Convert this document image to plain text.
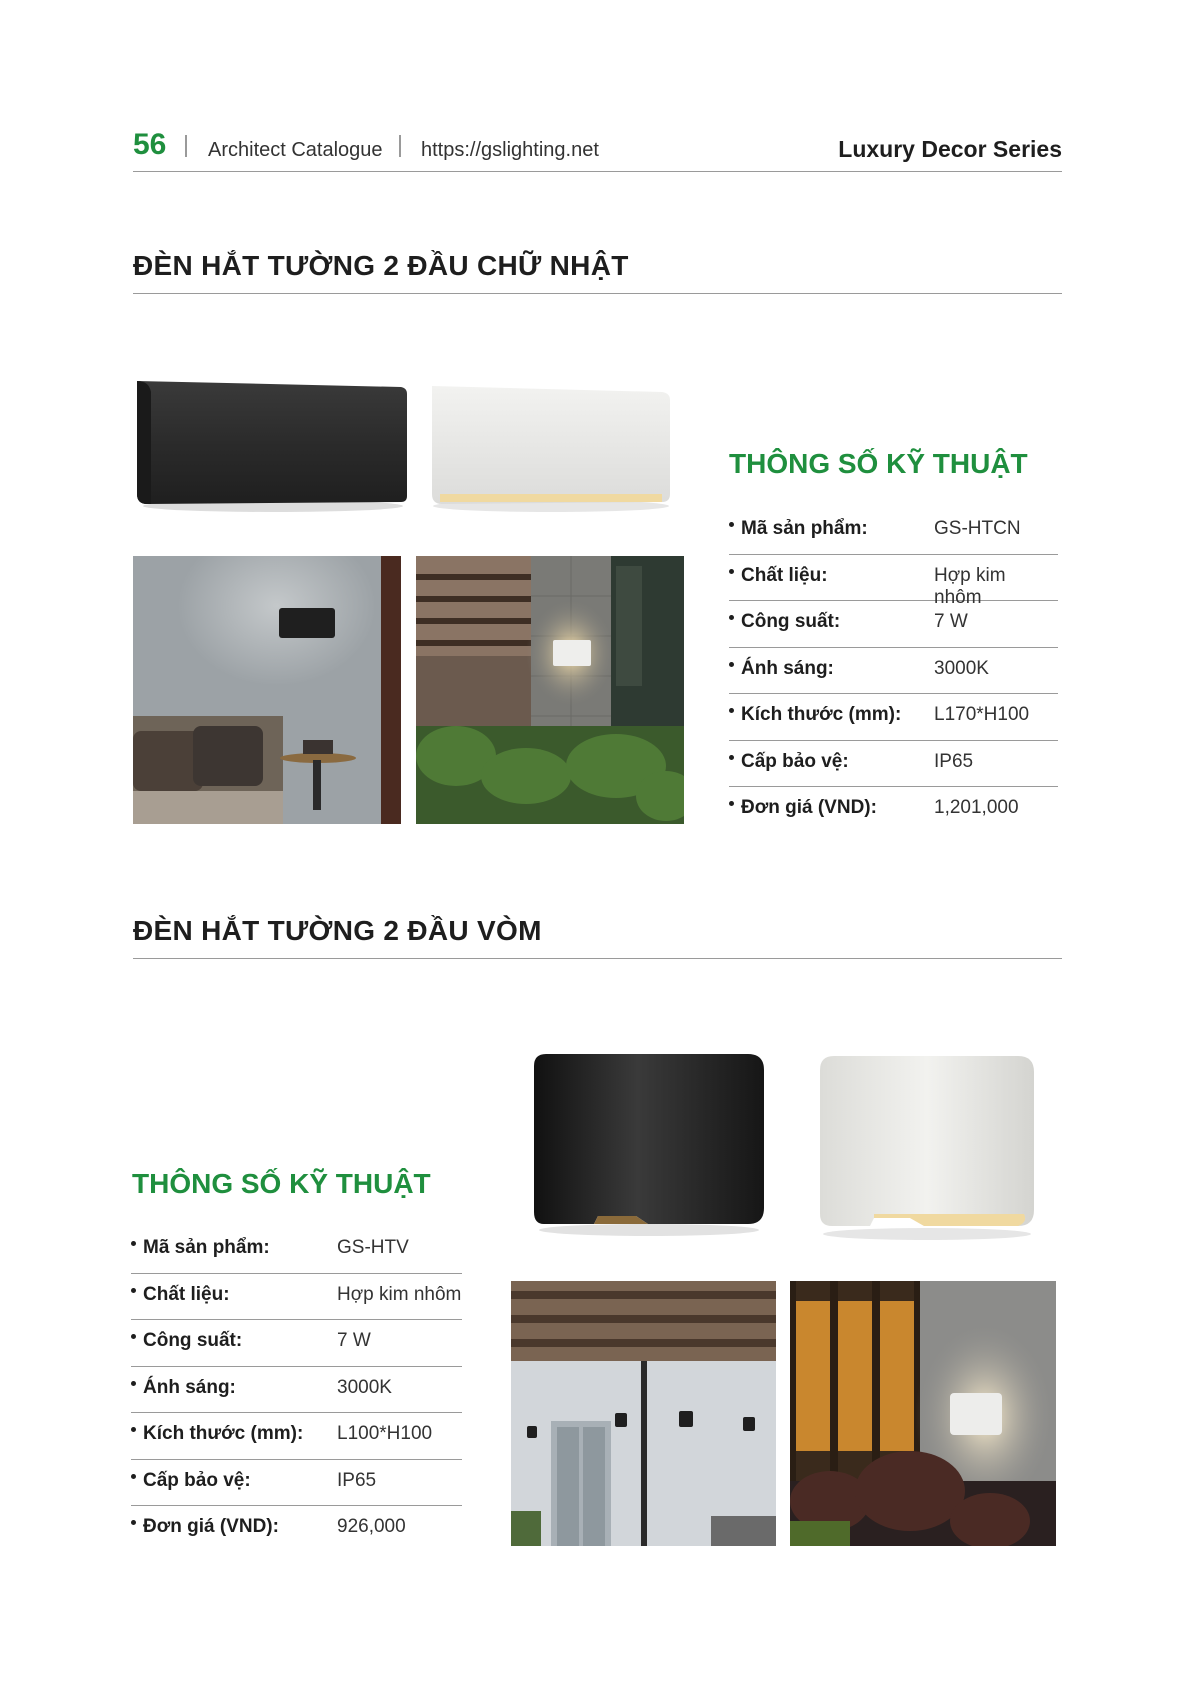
56 Architect Catalogue https://gslighting.net	Luxury Decor Series
ĐÈN HẮT TƯỜNG 2 ĐẦU CHỮ NHẬT
THÔNG SỐ KỸ THUẬT
Mã sản phẩm:	GS-HTCN
Chất liệu:	Hợp kim nhôm
Công suất:	7 W
Ánh sáng:	3000K
Kích thước (mm): L170*H100
Cấp bảo vệ:	IP65
Đơn giá (VND):	1,201,000
ĐÈN HẮT TƯỜNG 2 ĐẦU VÒM
THÔNG SỐ KỸ THUẬT
Mã sản phẩm:	GS-HTV
Chất liệu:	Hợp kim nhôm
Công suất:	7 W
Ánh sáng:	3000K
Kích thước (mm): L100*H100
Cấp bảo vệ:	IP65
Đơn giá (VND):	926,000
